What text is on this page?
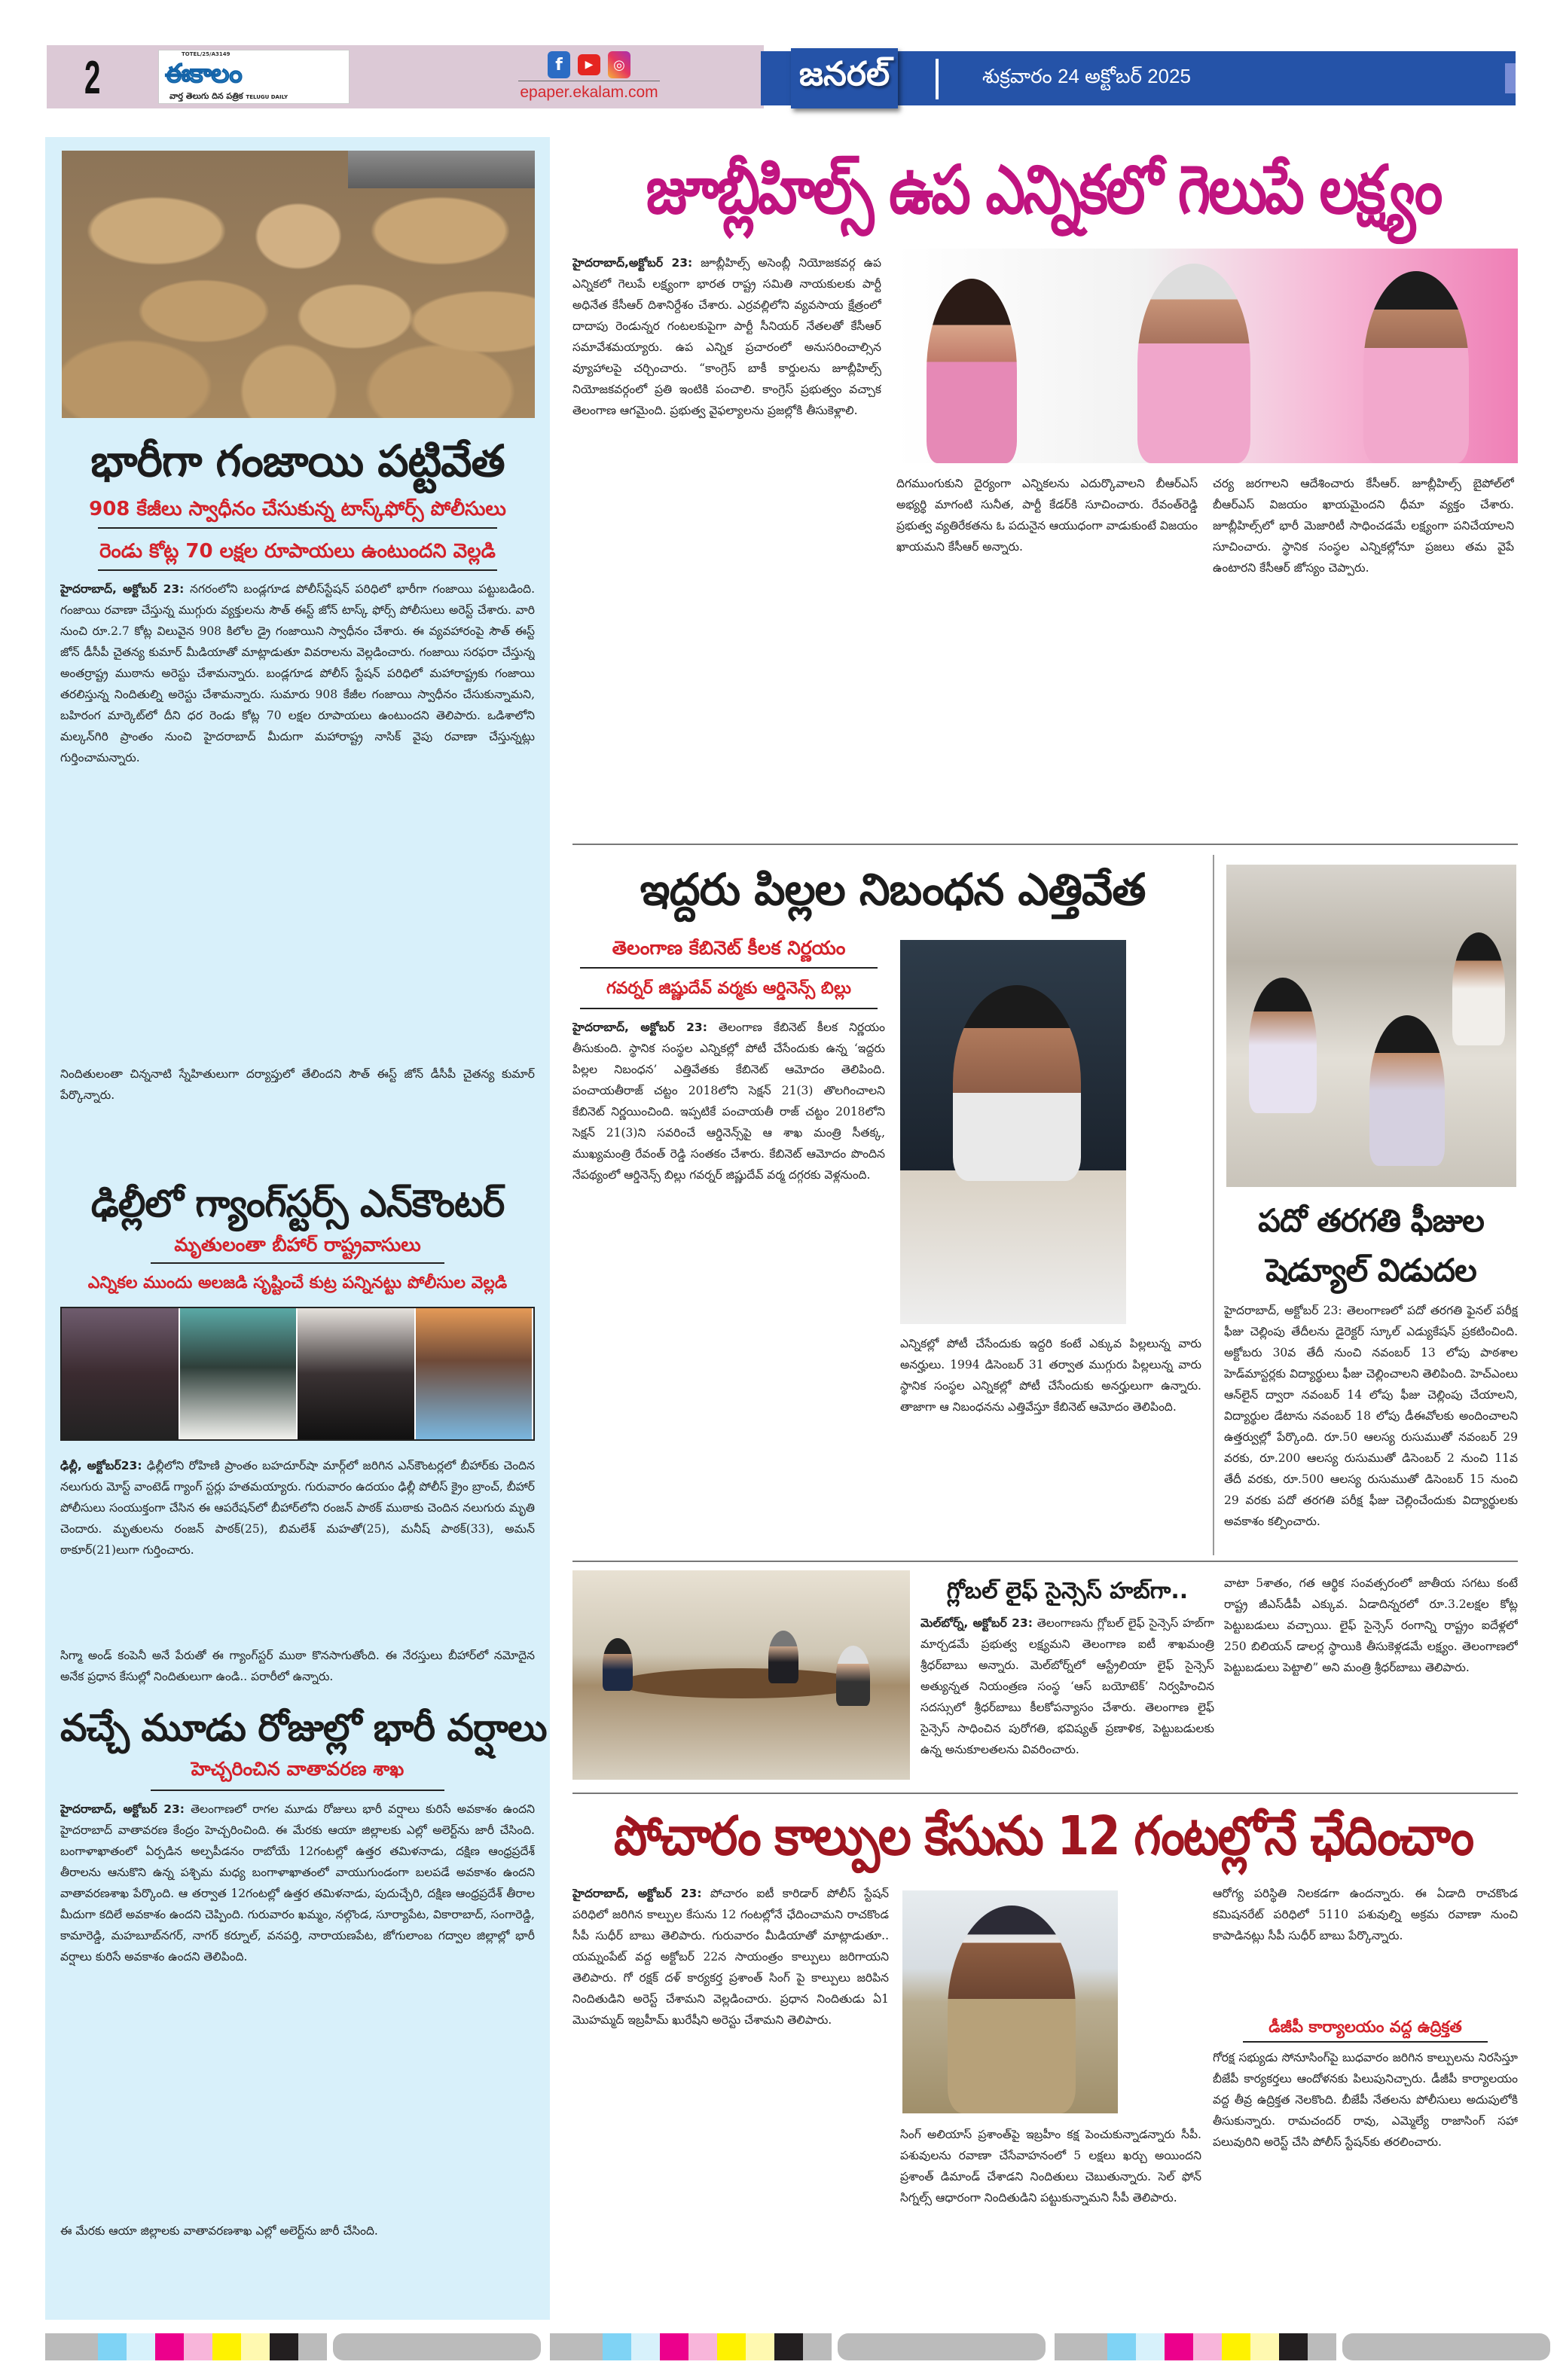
2	TOTEL/25/A3149
ఈకాలం
వార్త తెలుగు దిన పత్రిక TELUGU DAILY
f	▶	◎
epaper.ekalam.com	జనరల్	శుక్రవారం 24 అక్టోబర్ 2025
భారీగా గంజాయి పట్టివేత
908 కేజీలు స్వాధీనం చేసుకున్న టాస్క్‌ఫోర్స్ పోలీసులు
రెండు కోట్ల 70 లక్షల రూపాయలు ఉంటుందని వెల్లడి
హైదరాబాద్, అక్టోబర్ 23: నగరంలోని బండ్లగూడ పోలీస్‌స్టేషన్ పరిధిలో భారీగా గంజాయి పట్టుబడింది. గంజాయి రవాణా చేస్తున్న ముగ్గురు వ్యక్తులను సౌత్ ఈస్ట్ జోన్ టాస్క్ ఫోర్స్ పోలీసులు అరెస్ట్ చేశారు. వారి నుంచి రూ.2.7 కోట్ల విలువైన 908 కిలోల డ్రై గంజాయిని స్వాధీనం చేశారు. ఈ వ్యవహారంపై సౌత్ ఈస్ట్ జోన్ డీసీపీ చైతన్య కుమార్ మీడియాతో మాట్లాడుతూ వివరాలను వెల్లడించారు. గంజాయి సరఫరా చేస్తున్న అంతర్రాష్ట్ర ముఠాను అరెస్టు చేశామన్నారు. బండ్లగూడ పోలీస్ స్టేషన్ పరిధిలో మహారాష్ట్రకు గంజాయి తరలిస్తున్న నిందితుల్ని అరెస్టు చేశామన్నారు. సుమారు 908 కేజీల గంజాయి స్వాధీనం చేసుకున్నామని, బహిరంగ మార్కెట్‌లో దీని ధర రెండు కోట్ల 70 లక్షల రూపాయలు ఉంటుందని తెలిపారు. ఒడిశాలోని మల్కన్‌గిరి ప్రాంతం నుంచి హైదరాబాద్ మీదుగా మహారాష్ట్ర నాసిక్ వైపు రవాణా చేస్తున్నట్లు గుర్తించామన్నారు.
నిందితులంతా చిన్ననాటి స్నేహితులుగా దర్యాప్తులో తేలిందని సౌత్ ఈస్ట్ జోన్ డీసీపీ చైతన్య కుమార్ పేర్కొన్నారు.
ఢిల్లీలో గ్యాంగ్‌స్టర్స్ ఎన్‌కౌంటర్
మృతులంతా బీహార్ రాష్ట్రవాసులు
ఎన్నికల ముందు అలజడి సృష్టించే కుట్ర పన్నినట్టు పోలీసుల వెల్లడి
ఢిల్లీ, అక్టోబర్23: ఢిల్లీలోని రోహిణి ప్రాంతం బహదూర్‌షా మార్గ్‌లో జరిగిన ఎన్‌కౌంటర్లలో బీహార్‌కు చెందిన నలుగురు మోస్ట్ వాంటెడ్ గ్యాంగ్ స్టర్లు హతమయ్యారు. గురువారం ఉదయం ఢిల్లీ పోలీస్ క్రైం బ్రాంచ్, బీహార్ పోలీసులు సంయుక్తంగా చేసిన ఈ ఆపరేషన్‌లో బీహార్‌లోని రంజన్ పాఠక్ ముఠాకు చెందిన నలుగురు మృతి చెందారు. మృతులను రంజన్ పాఠక్(25), బిమలేశ్ మహతో(25), మనీష్ పాఠక్(33), అమన్ ఠాకూర్(21)లుగా గుర్తించారు.
సిగ్మా అండ్ కంపెనీ అనే పేరుతో ఈ గ్యాంగ్‌స్టర్ ముఠా కొనసాగుతోంది. ఈ నేరస్తులు బీహార్‌లో నమోదైన అనేక ప్రధాన కేసుల్లో నిందితులుగా ఉండి.. పరారీలో ఉన్నారు.
వచ్చే మూడు రోజుల్లో భారీ వర్షాలు
హెచ్చరించిన వాతావరణ శాఖ
హైదరాబాద్, అక్టోబర్ 23: తెలంగాణలో రాగల మూడు రోజులు భారీ వర్షాలు కురిసే అవకాశం ఉందని హైదరాబాద్ వాతావరణ కేంద్రం హెచ్చరించింది. ఈ మేరకు ఆయా జిల్లాలకు ఎల్లో అలెర్ట్‌ను జారీ చేసింది. బంగాళాఖాతంలో ఏర్పడిన అల్పపీడనం రాబోయే 12గంటల్లో ఉత్తర తమిళనాడు, దక్షిణ ఆంధ్రప్రదేశ్ తీరాలను ఆనుకొని ఉన్న పశ్చిమ మధ్య బంగాళాఖాతంలో వాయుగుండంగా బలపడే అవకాశం ఉందని వాతావరణశాఖ పేర్కొంది. ఆ తర్వాత 12గంటల్లో ఉత్తర తమిళనాడు, పుదుచ్చేరి, దక్షిణ ఆంధ్రప్రదేశ్ తీరాల మీదుగా కదిలే అవకాశం ఉందని చెప్పింది. గురువారం ఖమ్మం, నల్గొండ, సూర్యాపేట, వికారాబాద్, సంగారెడ్డి, కామారెడ్డి, మహబూబ్‌నగర్, నాగర్ కర్నూల్, వనపర్తి, నారాయణపేట, జోగులాంబ గద్వాల జిల్లాల్లో భారీ వర్షాలు కురిసే అవకాశం ఉందని తెలిపింది.
ఈ మేరకు ఆయా జిల్లాలకు వాతావరణశాఖ ఎల్లో అలెర్ట్‌ను జారీ చేసింది.
జూబ్లీహిల్స్ ఉప ఎన్నికలో గెలుపే లక్ష్యం
హైదరాబాద్,అక్టోబర్ 23: జూబ్లీహిల్స్ అసెంబ్లీ నియోజకవర్గ ఉప ఎన్నికలో గెలుపే లక్ష్యంగా భారత రాష్ట్ర సమితి నాయకులకు పార్టీ అధినేత కేసీఆర్ దిశానిర్దేశం చేశారు. ఎర్రవల్లిలోని వ్యవసాయ క్షేత్రంలో దాదాపు రెండున్నర గంటలకుపైగా పార్టీ సీనియర్ నేతలతో కేసీఆర్ సమావేశమయ్యారు. ఉప ఎన్నిక ప్రచారంలో అనుసరించాల్సిన వ్యూహాలపై చర్చించారు. “కాంగ్రెస్ బాకీ కార్డులను జూబ్లీహిల్స్ నియోజకవర్గంలో ప్రతి ఇంటికి పంచాలి. కాంగ్రెస్ ప్రభుత్వం వచ్చాక తెలంగాణ ఆగమైంది. ప్రభుత్వ వైఫల్యాలను ప్రజల్లోకి తీసుకెళ్లాలి.
దిగముంగుకుని దైర్యంగా ఎన్నికలను ఎదుర్కొవాలని బీఆర్ఎస్ అభ్యర్థి మాగంటి సునీత, పార్టీ కేడర్‌కి సూచించారు. రేవంత్‌రెడ్డి ప్రభుత్వ వ్యతిరేకతను ఓ పదునైన ఆయుధంగా వాడుకుంటే విజయం ఖాయమని కేసీఆర్ అన్నారు.
చర్య జరగాలని ఆదేశించారు కేసీఆర్. జూబ్లీహిల్స్ బైపోల్‌లో బీఆర్ఎస్ విజయం ఖాయమైందని ధీమా వ్యక్తం చేశారు. జూబ్లీహిల్స్‌లో భారీ మెజారిటీ సాధించడమే లక్ష్యంగా పనిచేయాలని సూచించారు. స్థానిక సంస్థల ఎన్నికల్లోనూ ప్రజలు తమ వైపే ఉంటారని కేసీఆర్ జోస్యం చెప్పారు.
ఇద్దరు పిల్లల నిబంధన ఎత్తివేత
తెలంగాణ కేబినెట్ కీలక నిర్ణయం
గవర్నర్ జిష్ణుదేవ్ వర్మకు ఆర్డినెన్స్ బిల్లు
హైదరాబాద్, అక్టోబర్ 23: తెలంగాణ కేబినెట్ కీలక నిర్ణయం తీసుకుంది. స్థానిక సంస్థల ఎన్నికల్లో పోటీ చేసేందుకు ఉన్న ‘ఇద్దరు పిల్లల నిబంధన’ ఎత్తివేతకు కేబినెట్ ఆమోదం తెలిపింది. పంచాయతీరాజ్ చట్టం 2018లోని సెక్షన్ 21(3) తొలగించాలని కేబినెట్ నిర్ణయించింది. ఇప్పటికే పంచాయతీ రాజ్ చట్టం 2018లోని సెక్షన్ 21(3)ని సవరించే ఆర్డినెన్స్‌పై ఆ శాఖ మంత్రి సీతక్క, ముఖ్యమంత్రి రేవంత్ రెడ్డి సంతకం చేశారు. కేబినెట్ ఆమోదం పొందిన నేపథ్యంలో ఆర్డినెన్స్ బిల్లు గవర్నర్ జిష్ణుదేవ్ వర్మ దగ్గరకు వెళ్లనుంది.
ఎన్నికల్లో పోటీ చేసేందుకు ఇద్దరి కంటే ఎక్కువ పిల్లలున్న వారు అనర్హులు. 1994 డిసెంబర్ 31 తర్వాత ముగ్గురు పిల్లలున్న వారు స్థానిక సంస్థల ఎన్నికల్లో పోటీ చేసేందుకు అనర్హులుగా ఉన్నారు. తాజాగా ఆ నిబంధనను ఎత్తివేస్తూ కేబినెట్ ఆమోదం తెలిపింది.
పదో తరగతి ఫీజుల షెడ్యూల్ విడుదల
హైదరాబాద్, అక్టోబర్ 23: తెలంగాణలో పదో తరగతి ఫైనల్ పరీక్ష ఫీజు చెల్లింపు తేదీలను డైరెక్టర్ స్కూల్ ఎడ్యుకేషన్ ప్రకటించింది. అక్టోబరు 30వ తేదీ నుంచి నవంబర్ 13 లోపు పాఠశాల హెడ్‌మాస్టర్లకు విద్యార్థులు ఫీజు చెల్లించాలని తెలిపింది. హెచ్‌ఎంలు ఆన్‌లైన్ ద్వారా నవంబర్ 14 లోపు ఫీజు చెల్లింపు చేయాలని, విద్యార్థుల డేటాను నవంబర్ 18 లోపు డీఈవోలకు అందించాలని ఉత్తర్వుల్లో పేర్కొంది. రూ.50 ఆలస్య రుసుముతో నవంబర్ 29 వరకు, రూ.200 ఆలస్య రుసుముతో డిసెంబర్ 2 నుంచి 11వ తేదీ వరకు, రూ.500 ఆలస్య రుసుముతో డిసెంబర్ 15 నుంచి 29 వరకు పదో తరగతి పరీక్ష ఫీజు చెల్లించేందుకు విద్యార్థులకు అవకాశం కల్పించారు.
గ్లోబల్ లైఫ్ సైన్సెస్ హబ్‌గా..
మెల్‌బోర్న్, అక్టోబర్ 23: తెలంగాణను గ్లోబల్ లైఫ్ సైన్సెస్ హబ్‌గా మార్చడమే ప్రభుత్వ లక్ష్యమని తెలంగాణ ఐటీ శాఖమంత్రి శ్రీధర్‌బాబు అన్నారు. మెల్‌బోర్న్‌లో ఆస్ట్రేలియా లైఫ్ సైన్సెస్ అత్యున్నత నియంత్రణ సంస్థ ‘ఆస్ బయోటెక్’ నిర్వహించిన సదస్సులో శ్రీధర్‌బాబు కీలకోపన్యాసం చేశారు. తెలంగాణ లైఫ్ సైన్సెస్ సాధించిన పురోగతి, భవిష్యత్ ప్రణాళిక, పెట్టుబడులకు ఉన్న అనుకూలతలను వివరించారు.
వాటా 5శాతం, గత ఆర్థిక సంవత్సరంలో జాతీయ సగటు కంటే రాష్ట్ర జీఎస్‌డీపీ ఎక్కువ. ఏడాదిన్నరలో రూ.3.2లక్షల కోట్ల పెట్టుబడులు వచ్చాయి. లైఫ్ సైన్సెస్ రంగాన్ని రాష్ట్రం ఐదేళ్లలో 250 బిలియన్ డాలర్ల స్థాయికి తీసుకెళ్లడమే లక్ష్యం. తెలంగాణలో పెట్టుబడులు పెట్టాలి” అని మంత్రి శ్రీధర్‌బాబు తెలిపారు.
పోచారం కాల్పుల కేసును 12 గంటల్లోనే ఛేదించాం
హైదరాబాద్, అక్టోబర్ 23: పోచారం ఐటీ కారిడార్ పోలీస్ స్టేషన్ పరిధిలో జరిగిన కాల్పుల కేసును 12 గంటల్లోనే ఛేదించామని రాచకొండ సీపీ సుధీర్ బాబు తెలిపారు. గురువారం మీడియాతో మాట్లాడుతూ.. యమ్నంపేట్ వద్ద అక్టోబర్ 22న సాయంత్రం కాల్పులు జరిగాయని తెలిపారు. గో రక్షక్ దళ్ కార్యకర్త ప్రశాంత్ సింగ్ పై కాల్పులు జరిపిన నిందితుడిని అరెస్ట్ చేశామని వెల్లడించారు. ప్రధాన నిందితుడు ఏ1 మొహమ్మద్ ఇబ్రహీమ్ ఖురేషీని అరెస్టు చేశామని తెలిపారు.
సింగ్ అలియాస్ ప్రశాంత్‌పై ఇబ్రహీం కక్ష పెంచుకున్నాడన్నారు సీపీ. పశువులను రవాణా చేసేవాహనంలో 5 లక్షలు ఖర్చు అయిందని ప్రశాంత్ డిమాండ్ చేశాడని నిందితులు చెబుతున్నారు. సెల్ ఫోన్ సిగ్నల్స్ ఆధారంగా నిందితుడిని పట్టుకున్నామని సీపీ తెలిపారు.
ఆరోగ్య పరిస్థితి నిలకడగా ఉందన్నారు. ఈ ఏడాది రాచకొండ కమిషనరేట్ పరిధిలో 5110 పశువుల్ని అక్రమ రవాణా నుంచి కాపాడినట్లు సీపీ సుధీర్ బాబు పేర్కొన్నారు.
డీజీపీ కార్యాలయం వద్ద ఉద్రిక్తత
గోరక్ష సభ్యుడు సోనూసింగ్‌పై బుధవారం జరిగిన కాల్పులను నిరసిస్తూ బీజేపీ కార్యకర్తలు ఆందోళనకు పిలుపునిచ్చారు. డీజీపీ కార్యాలయం వద్ద తీవ్ర ఉద్రిక్తత నెలకొంది. బీజేపీ నేతలను పోలీసులు అదుపులోకి తీసుకున్నారు. రామచందర్ రావు, ఎమ్మెల్యే రాజాసింగ్ సహా పలువురిని అరెస్ట్ చేసి పోలీస్ స్టేషన్‌కు తరలించారు.
